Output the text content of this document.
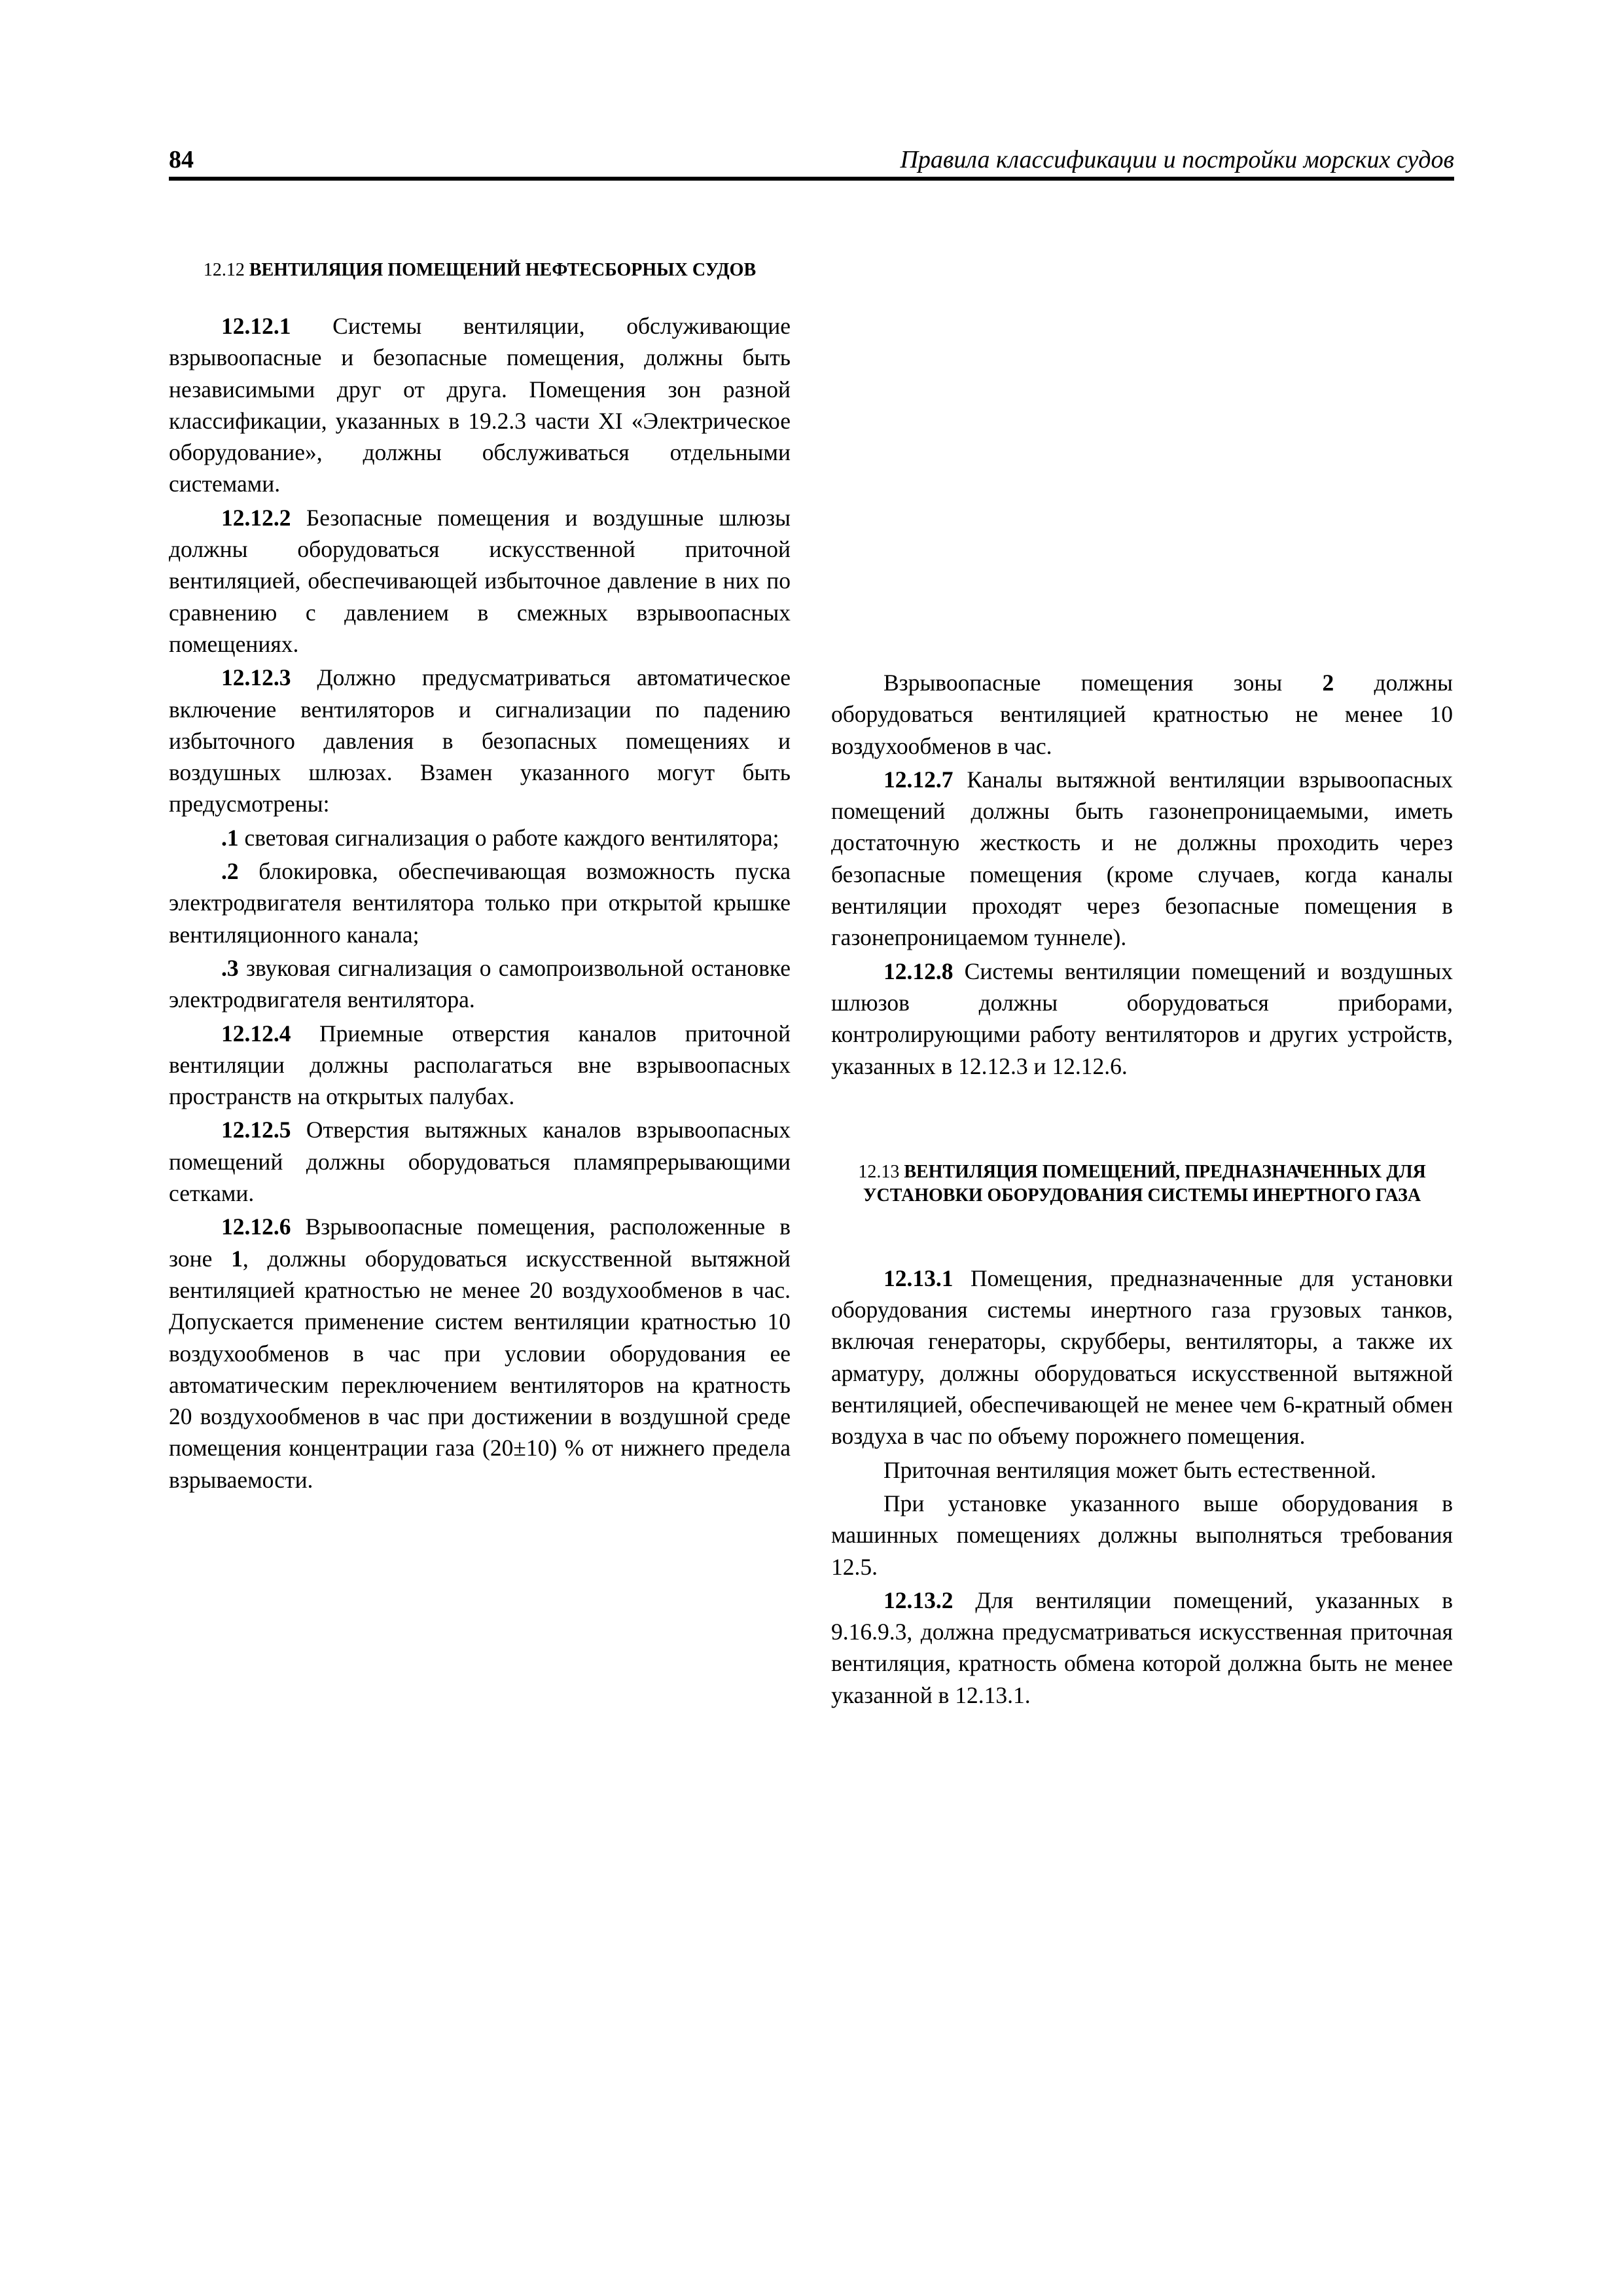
84	Правила классификации и постройки морских судов
12.12 ВЕНТИЛЯЦИЯ ПОМЕЩЕНИЙ НЕФТЕСБОРНЫХ СУДОВ

12.12.1 Системы вентиляции, обслуживающие взрывоопасные и безопасные помещения, должны быть независимыми друг от друга. Помещения зон разной классификации, указанных в 19.2.3 части XI «Электрическое оборудование», должны обслуживаться отдельными системами.

12.12.2 Безопасные помещения и воздушные шлюзы должны оборудоваться искусственной приточной вентиляцией, обеспечивающей избыточное давление в них по сравнению с давлением в смежных взрывоопасных помещениях.

12.12.3 Должно предусматриваться автоматическое включение вентиляторов и сигнализации по падению избыточного давления в безопасных помещениях и воздушных шлюзах. Взамен указанного могут быть предусмотрены:

.1 световая сигнализация о работе каждого вентилятора;

.2 блокировка, обеспечивающая возможность пуска электродвигателя вентилятора только при открытой крышке вентиляционного канала;

.3 звуковая сигнализация о самопроизвольной остановке электродвигателя вентилятора.

12.12.4 Приемные отверстия каналов приточной вентиляции должны располагаться вне взрывоопасных пространств на открытых палубах.

12.12.5 Отверстия вытяжных каналов взрывоопасных помещений должны оборудоваться пламяпрерывающими сетками.

12.12.6 Взрывоопасные помещения, расположенные в зоне 1, должны оборудоваться искусственной вытяжной вентиляцией кратностью не менее 20 воздухообменов в час. Допускается применение систем вентиляции кратностью 10 воздухообменов в час при условии оборудования ее автоматическим переключением вентиляторов на кратность 20 воздухообменов в час при достижении в воздушной среде помещения концентрации газа (20±10) % от нижнего предела взрываемости.

Взрывоопасные помещения зоны 2 должны оборудоваться вентиляцией кратностью не менее 10 воздухообменов в час.

12.12.7 Каналы вытяжной вентиляции взрывоопасных помещений должны быть газонепроницаемыми, иметь достаточную жесткость и не должны проходить через безопасные помещения (кроме случаев, когда каналы вентиляции проходят через безопасные помещения в газонепроницаемом туннеле).

12.12.8 Системы вентиляции помещений и воздушных шлюзов должны оборудоваться приборами, контролирующими работу вентиляторов и других устройств, указанных в 12.12.3 и 12.12.6.

12.13 ВЕНТИЛЯЦИЯ ПОМЕЩЕНИЙ, ПРЕДНАЗНАЧЕННЫХ ДЛЯ УСТАНОВКИ ОБОРУДОВАНИЯ СИСТЕМЫ ИНЕРТНОГО ГАЗА

12.13.1 Помещения, предназначенные для установки оборудования системы инертного газа грузовых танков, включая генераторы, скрубберы, вентиляторы, а также их арматуру, должны оборудоваться искусственной вытяжной вентиляцией, обеспечивающей не менее чем 6-кратный обмен воздуха в час по объему порожнего помещения.

Приточная вентиляция может быть естественной.

При установке указанного выше оборудования в машинных помещениях должны выполняться требования 12.5.

12.13.2 Для вентиляции помещений, указанных в 9.16.9.3, должна предусматриваться искусственная приточная вентиляция, кратность обмена которой должна быть не менее указанной в 12.13.1.
